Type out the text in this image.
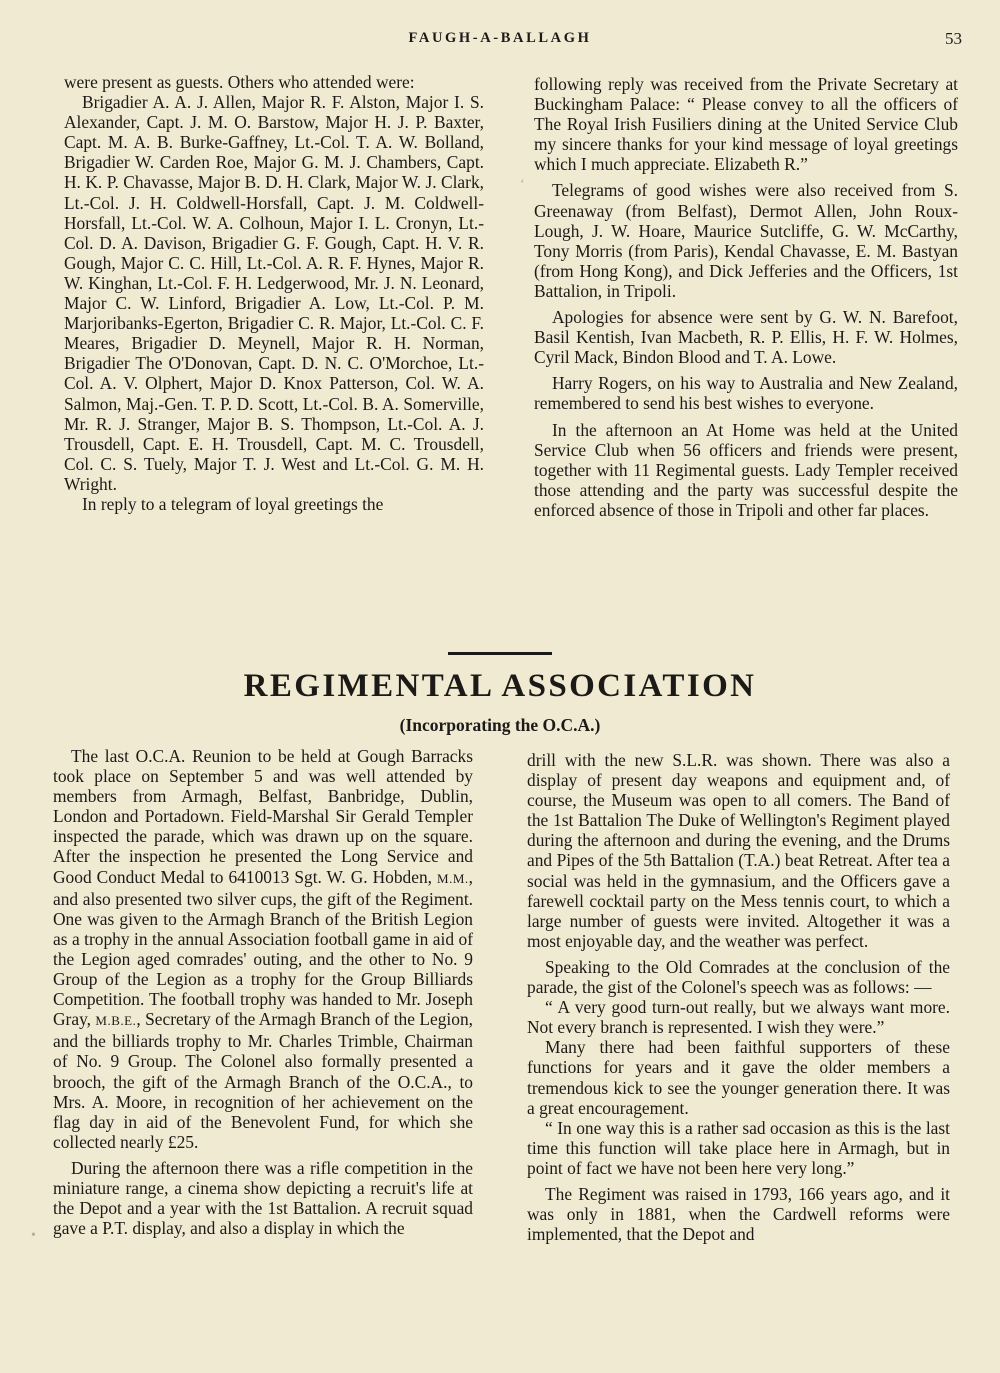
FAUGH-A-BALLAGH	53

were present as guests. Others who attended were:

Brigadier A. A. J. Allen, Major R. F. Alston, Major I. S. Alexander, Capt. J. M. O. Barstow, Major H. J. P. Baxter, Capt. M. A. B. Burke-Gaffney, Lt.-Col. T. A. W. Bolland, Brigadier W. Carden Roe, Major G. M. J. Chambers, Capt. H. K. P. Chavasse, Major B. D. H. Clark, Major W. J. Clark, Lt.-Col. J. H. Coldwell-Horsfall, Capt. J. M. Coldwell-Horsfall, Lt.-Col. W. A. Colhoun, Major I. L. Cronyn, Lt.-Col. D. A. Davison, Brigadier G. F. Gough, Capt. H. V. R. Gough, Major C. C. Hill, Lt.-Col. A. R. F. Hynes, Major R. W. Kinghan, Lt.-Col. F. H. Ledgerwood, Mr. J. N. Leonard, Major C. W. Linford, Brigadier A. Low, Lt.-Col. P. M. Marjoribanks-Egerton, Brigadier C. R. Major, Lt.-Col. C. F. Meares, Brigadier D. Meynell, Major R. H. Norman, Brigadier The O'Donovan, Capt. D. N. C. O'Morchoe, Lt.-Col. A. V. Olphert, Major D. Knox Patterson, Col. W. A. Salmon, Maj.-Gen. T. P. D. Scott, Lt.-Col. B. A. Somerville, Mr. R. J. Stranger, Major B. S. Thompson, Lt.-Col. A. J. Trousdell, Capt. E. H. Trousdell, Capt. M. C. Trousdell, Col. C. S. Tuely, Major T. J. West and Lt.-Col. G. M. H. Wright.

In reply to a telegram of loyal greetings the

following reply was received from the Private Secretary at Buckingham Palace: “ Please convey to all the officers of The Royal Irish Fusiliers dining at the United Service Club my sincere thanks for your kind message of loyal greetings which I much appreciate. Elizabeth R.”

Telegrams of good wishes were also received from S. Greenaway (from Belfast), Dermot Allen, John Roux-Lough, J. W. Hoare, Maurice Sutcliffe, G. W. McCarthy, Tony Morris (from Paris), Kendal Chavasse, E. M. Bastyan (from Hong Kong), and Dick Jefferies and the Officers, 1st Battalion, in Tripoli.

Apologies for absence were sent by G. W. N. Barefoot, Basil Kentish, Ivan Macbeth, R. P. Ellis, H. F. W. Holmes, Cyril Mack, Bindon Blood and T. A. Lowe.

Harry Rogers, on his way to Australia and New Zealand, remembered to send his best wishes to everyone.

In the afternoon an At Home was held at the United Service Club when 56 officers and friends were present, together with 11 Regimental guests. Lady Templer received those attending and the party was successful despite the enforced absence of those in Tripoli and other far places.

REGIMENTAL ASSOCIATION
(Incorporating the O.C.A.)

The last O.C.A. Reunion to be held at Gough Barracks took place on September 5 and was well attended by members from Armagh, Belfast, Banbridge, Dublin, London and Portadown. Field-Marshal Sir Gerald Templer inspected the parade, which was drawn up on the square. After the inspection he presented the Long Service and Good Conduct Medal to 6410013 Sgt. W. G. Hobden, M.M., and also presented two silver cups, the gift of the Regiment. One was given to the Armagh Branch of the British Legion as a trophy in the annual Association football game in aid of the Legion aged comrades' outing, and the other to No. 9 Group of the Legion as a trophy for the Group Billiards Competition. The football trophy was handed to Mr. Joseph Gray, M.B.E., Secretary of the Armagh Branch of the Legion, and the billiards trophy to Mr. Charles Trimble, Chairman of No. 9 Group. The Colonel also formally presented a brooch, the gift of the Armagh Branch of the O.C.A., to Mrs. A. Moore, in recognition of her achievement on the flag day in aid of the Benevolent Fund, for which she collected nearly £25.

During the afternoon there was a rifle competition in the miniature range, a cinema show depicting a recruit's life at the Depot and a year with the 1st Battalion. A recruit squad gave a P.T. display, and also a display in which the

drill with the new S.L.R. was shown. There was also a display of present day weapons and equipment and, of course, the Museum was open to all comers. The Band of the 1st Battalion The Duke of Wellington's Regiment played during the afternoon and during the evening, and the Drums and Pipes of the 5th Battalion (T.A.) beat Retreat. After tea a social was held in the gymnasium, and the Officers gave a farewell cocktail party on the Mess tennis court, to which a large number of guests were invited. Altogether it was a most enjoyable day, and the weather was perfect.

Speaking to the Old Comrades at the conclusion of the parade, the gist of the Colonel's speech was as follows: —

“ A very good turn-out really, but we always want more. Not every branch is represented. I wish they were.”

Many there had been faithful supporters of these functions for years and it gave the older members a tremendous kick to see the younger generation there. It was a great encouragement.

“ In one way this is a rather sad occasion as this is the last time this function will take place here in Armagh, but in point of fact we have not been here very long.”

The Regiment was raised in 1793, 166 years ago, and it was only in 1881, when the Cardwell reforms were implemented, that the Depot and

‘
•
